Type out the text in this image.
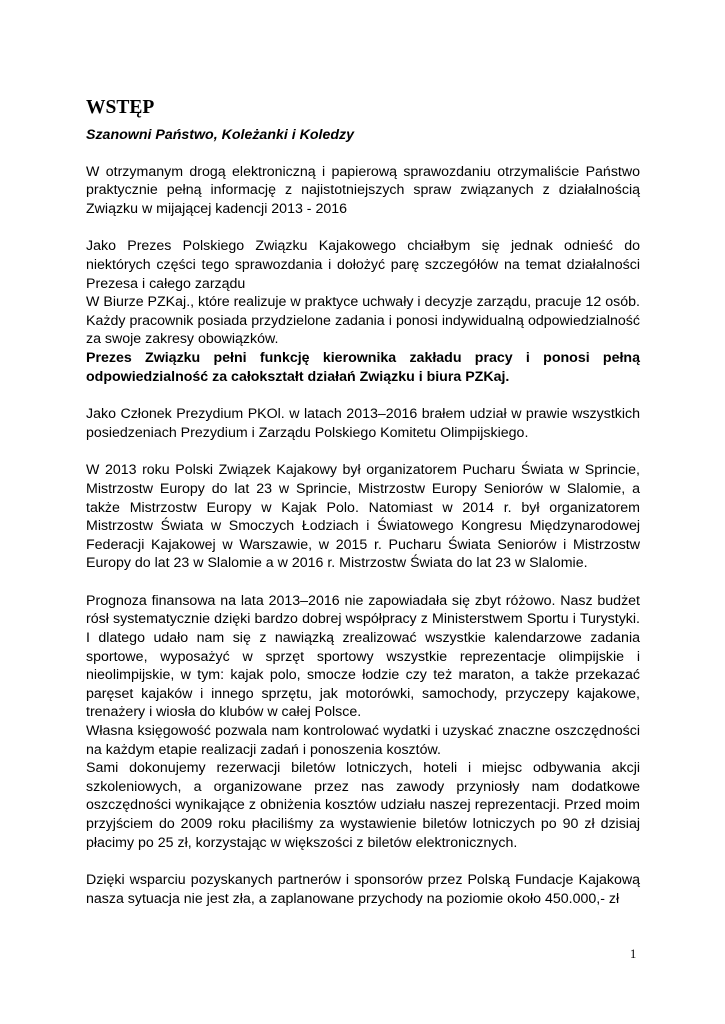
WSTĘP

Szanowni Państwo, Koleżanki i Koledzy

W otrzymanym drogą elektroniczną i papierową sprawozdaniu otrzymaliście Państwo praktycznie pełną informację z najistotniejszych spraw związanych z działalnością Związku w mijającej kadencji 2013 - 2016

Jako Prezes Polskiego Związku Kajakowego chciałbym się jednak odnieść do niektórych części tego sprawozdania i dołożyć parę szczegółów na temat działalności Prezesa i całego zarządu

W Biurze PZKaj., które realizuje w praktyce uchwały i decyzje zarządu, pracuje 12 osób. Każdy pracownik posiada przydzielone zadania i ponosi indywidualną odpowiedzialność za swoje zakresy obowiązków.

Prezes Związku pełni funkcję kierownika zakładu pracy i ponosi pełną odpowiedzialność za całokształt działań Związku i biura PZKaj.

Jako Członek Prezydium PKOl. w latach 2013–2016 brałem udział w prawie wszystkich posiedzeniach Prezydium i Zarządu Polskiego Komitetu Olimpijskiego.

W 2013 roku Polski Związek Kajakowy był organizatorem Pucharu Świata w Sprincie, Mistrzostw Europy do lat 23 w Sprincie, Mistrzostw Europy Seniorów w Slalomie, a także Mistrzostw Europy w Kajak Polo. Natomiast w 2014 r. był organizatorem Mistrzostw Świata w Smoczych Łodziach i Światowego Kongresu Międzynarodowej Federacji Kajakowej w Warszawie, w 2015 r. Pucharu Świata Seniorów i Mistrzostw Europy do lat 23 w Slalomie a w 2016 r. Mistrzostw Świata do lat 23 w Slalomie.

Prognoza finansowa na lata 2013–2016 nie zapowiadała się zbyt różowo. Nasz budżet rósł systematycznie dzięki bardzo dobrej współpracy z Ministerstwem Sportu i Turystyki. I dlatego udało nam się z nawiązką zrealizować wszystkie kalendarzowe zadania sportowe, wyposażyć w sprzęt sportowy wszystkie reprezentacje olimpijskie i nieolimpijskie, w tym: kajak polo, smocze łodzie czy też maraton, a także przekazać paręset kajaków i innego sprzętu, jak motorówki, samochody, przyczepy kajakowe, trenażery i wiosła do klubów w całej Polsce.

Własna księgowość pozwala nam kontrolować wydatki i uzyskać znaczne oszczędności na każdym etapie realizacji zadań i ponoszenia kosztów.

Sami dokonujemy rezerwacji biletów lotniczych, hoteli i miejsc odbywania akcji szkoleniowych, a organizowane przez nas zawody przyniosły nam dodatkowe oszczędności wynikające z obniżenia kosztów udziału naszej reprezentacji. Przed moim przyjściem do 2009 roku płaciliśmy za wystawienie biletów lotniczych po 90 zł dzisiaj płacimy po 25 zł, korzystając w większości z biletów elektronicznych.

Dzięki wsparciu pozyskanych partnerów i sponsorów przez Polską Fundacje Kajakową nasza sytuacja nie jest zła, a zaplanowane przychody na poziomie około 450.000,- zł

1
